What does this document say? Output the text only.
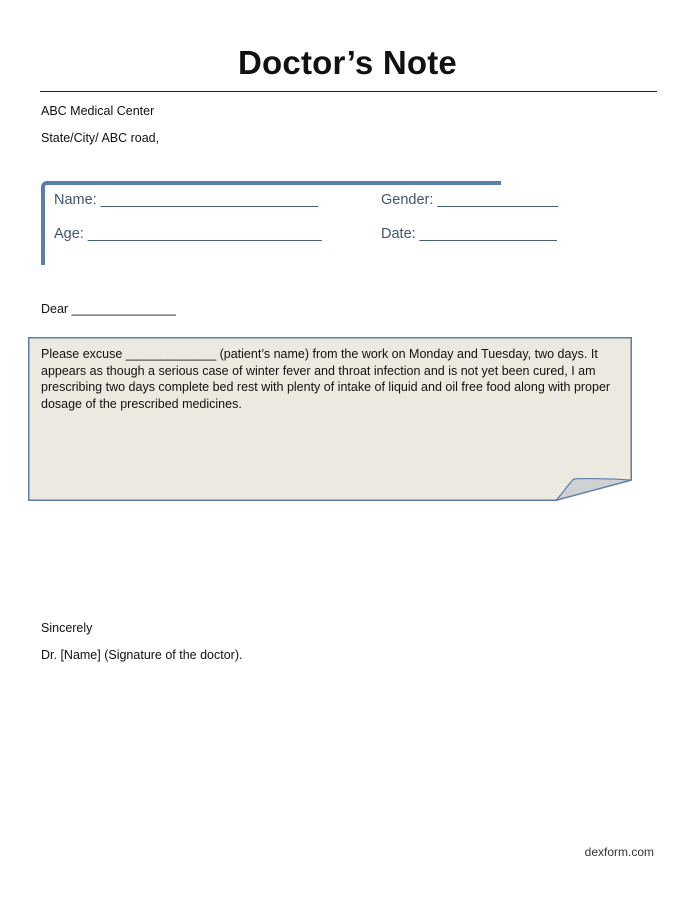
Doctor’s Note
ABC Medical Center
State/City/ ABC road,
Name: ___________________________	Gender: _______________
Age: _____________________________	Date: _________________
Dear _______________
Please excuse _____________ (patient’s name) from the work on Monday and Tuesday, two days. It appears as though a serious case of winter fever and throat infection and is not yet been cured, I am prescribing two days complete bed rest with plenty of intake of liquid and oil free food along with proper dosage of the prescribed medicines.
Sincerely
Dr. [Name] (Signature of the doctor).
dexform.com
